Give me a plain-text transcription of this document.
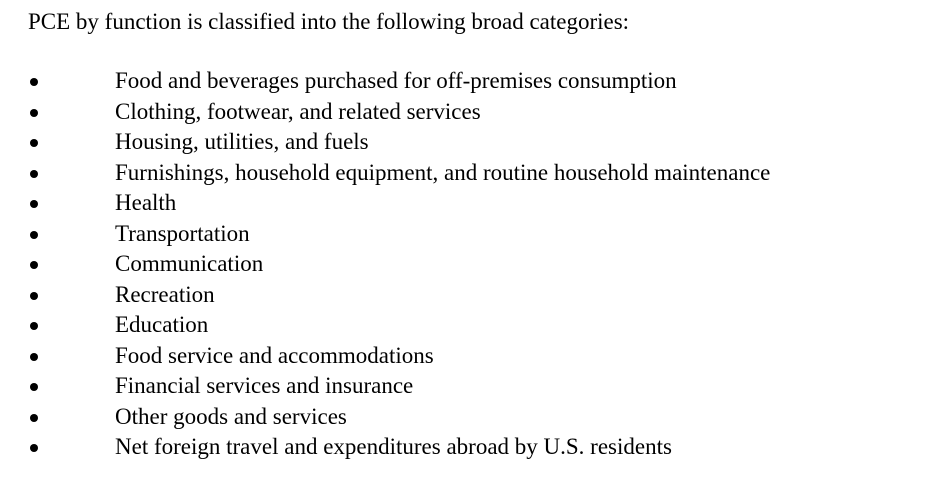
PCE by function is classified into the following broad categories:

Food and beverages purchased for off-premises consumption
Clothing, footwear, and related services
Housing, utilities, and fuels
Furnishings, household equipment, and routine household maintenance
Health
Transportation
Communication
Recreation
Education
Food service and accommodations
Financial services and insurance
Other goods and services
Net foreign travel and expenditures abroad by U.S. residents
